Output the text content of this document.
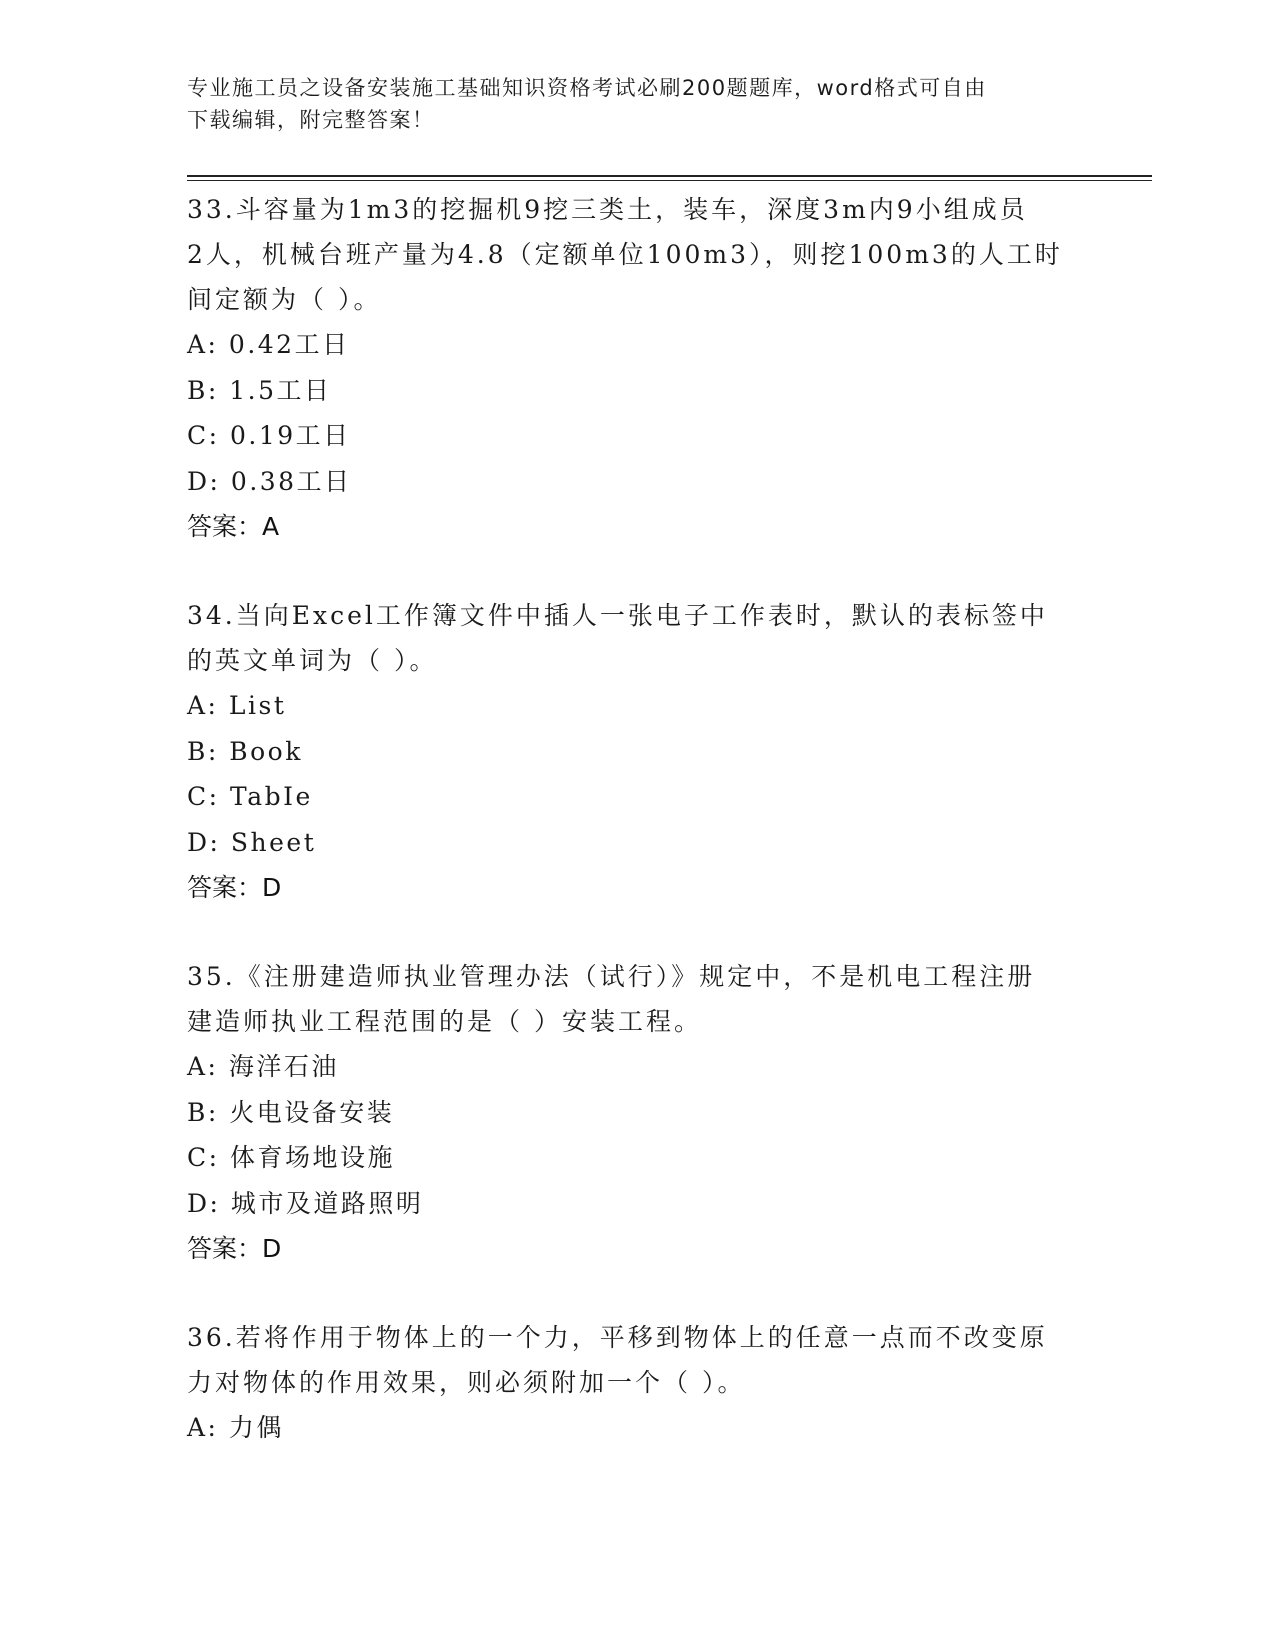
专业施工员之设备安装施工基础知识资格考试必刷200题题库，word格式可自由
下载编辑，附完整答案！

33.斗容量为1m3的挖掘机9挖三类土，装车，深度3m内9小组成员

2人，机械台班产量为4.8（定额单位100m3），则挖100m3的人工时

间定额为（ ）。

A: 0.42工日

B: 1.5工日

C: 0.19工日

D: 0.38工日

答案：A

34.当向Excel工作簿文件中插人一张电子工作表时，默认的表标签中

的英文单词为（ ）。

A: List

B: Book

C: TabIe

D: Sheet

答案：D

35.《注册建造师执业管理办法（试行）》规定中，不是机电工程注册

建造师执业工程范围的是（ ）安装工程。

A: 海洋石油

B: 火电设备安装

C: 体育场地设施

D: 城市及道路照明

答案：D

36.若将作用于物体上的一个力，平移到物体上的任意一点而不改变原

力对物体的作用效果，则必须附加一个（ ）。

A: 力偶
